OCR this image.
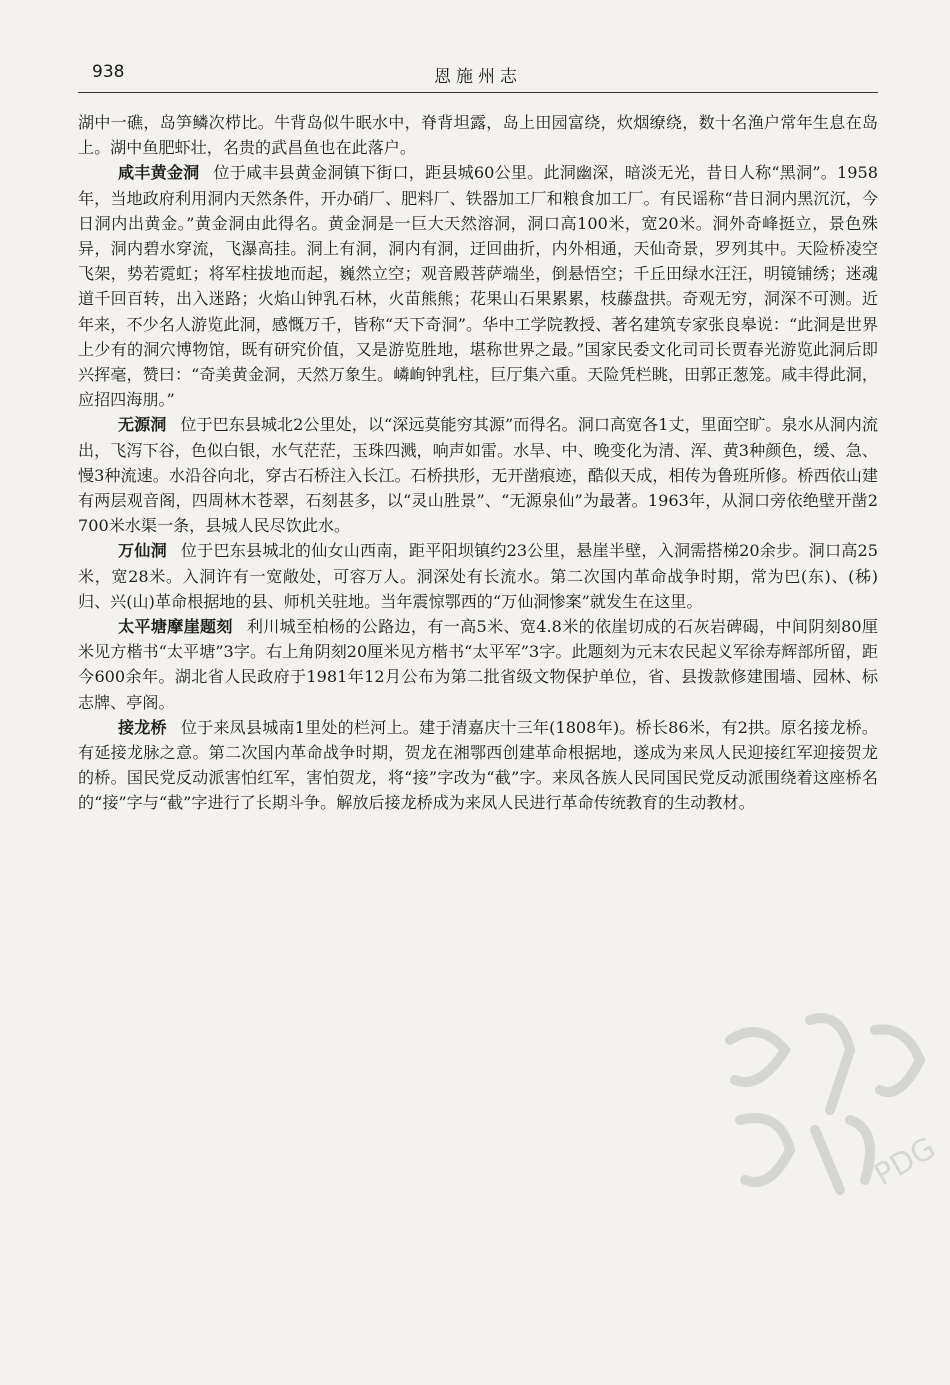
938	恩施州志

湖中一礁，岛笋鳞次栉比。牛背岛似牛眠水中，脊背坦露，岛上田园富绕，炊烟缭绕，数十名渔户常年生息在岛上。湖中鱼肥虾壮，名贵的武昌鱼也在此落户。

咸丰黄金洞 位于咸丰县黄金洞镇下街口，距县城60公里。此洞幽深，暗淡无光，昔日人称“黑洞”。1958年，当地政府利用洞内天然条件，开办硝厂、肥料厂、铁器加工厂和粮食加工厂。有民谣称“昔日洞内黑沉沉，今日洞内出黄金。”黄金洞由此得名。黄金洞是一巨大天然溶洞，洞口高100米，宽20米。洞外奇峰挺立，景色殊异，洞内碧水穿流，飞瀑高挂。洞上有洞，洞内有洞，迂回曲折，内外相通，天仙奇景，罗列其中。天险桥凌空飞架，势若霓虹；将军柱拔地而起，巍然立空；观音殿菩萨端坐，倒悬悟空；千丘田绿水汪汪，明镜铺绣；迷魂道千回百转，出入迷路；火焰山钟乳石林，火苗熊熊；花果山石果累累，枝藤盘拱。奇观无穷，洞深不可测。近年来，不少名人游览此洞，感慨万千，皆称“天下奇洞”。华中工学院教授、著名建筑专家张良皋说：“此洞是世界上少有的洞穴博物馆，既有研究价值，又是游览胜地，堪称世界之最。”国家民委文化司司长贾春光游览此洞后即兴挥毫，赞曰：“奇美黄金洞，天然万象生。嶙峋钟乳柱，巨厅集六重。天险凭栏眺，田郭正葱笼。咸丰得此洞，应招四海朋。”

无源洞 位于巴东县城北2公里处，以“深远莫能穷其源”而得名。洞口高宽各1丈，里面空旷。泉水从洞内流出，飞泻下谷，色似白银，水气茫茫，玉珠四溅，响声如雷。水旱、中、晚变化为清、浑、黄3种颜色，缓、急、慢3种流速。水沿谷向北，穿古石桥注入长江。石桥拱形，无开凿痕迹，酷似天成，相传为鲁班所修。桥西依山建有两层观音阁，四周林木苍翠，石刻甚多，以“灵山胜景”、“无源泉仙”为最著。1963年，从洞口旁依绝壁开凿2700米水渠一条，县城人民尽饮此水。

万仙洞 位于巴东县城北的仙女山西南，距平阳坝镇约23公里，悬崖半壁，入洞需搭梯20余步。洞口高25米，宽28米。入洞许有一宽敞处，可容万人。洞深处有长流水。第二次国内革命战争时期，常为巴(东)、(秭)归、兴(山)革命根据地的县、师机关驻地。当年震惊鄂西的“万仙洞惨案”就发生在这里。

太平塘摩崖题刻 利川城至柏杨的公路边，有一高5米、宽4.8米的依崖切成的石灰岩碑碣，中间阴刻80厘米见方楷书“太平塘”3字。右上角阴刻20厘米见方楷书“太平军”3字。此题刻为元末农民起义军徐寿辉部所留，距今600余年。湖北省人民政府于1981年12月公布为第二批省级文物保护单位，省、县拨款修建围墙、园林、标志牌、亭阁。

接龙桥 位于来凤县城南1里处的栏河上。建于清嘉庆十三年(1808年)。桥长86米，有2拱。原名接龙桥。有延接龙脉之意。第二次国内革命战争时期，贺龙在湘鄂西创建革命根据地，遂成为来凤人民迎接红军迎接贺龙的桥。国民党反动派害怕红军，害怕贺龙，将“接”字改为“截”字。来凤各族人民同国民党反动派围绕着这座桥名的“接”字与“截”字进行了长期斗争。解放后接龙桥成为来凤人民进行革命传统教育的生动教材。

PDG
